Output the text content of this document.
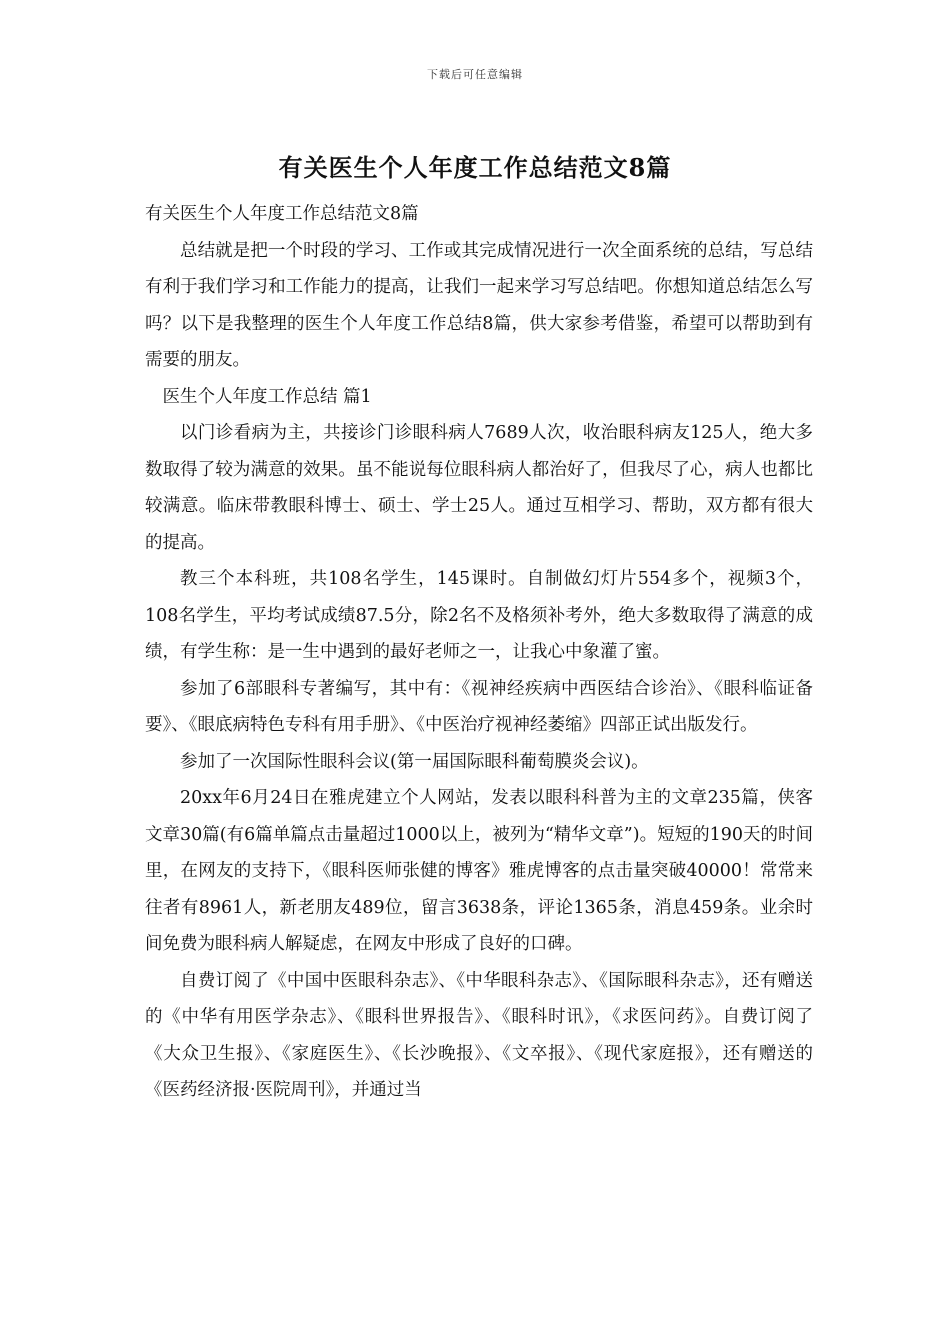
下载后可任意编辑
有关医生个人年度工作总结范文8篇

有关医生个人年度工作总结范文8篇

总结就是把一个时段的学习、工作或其完成情况进行一次全面系统的总结，写总结有利于我们学习和工作能力的提高，让我们一起来学习写总结吧。你想知道总结怎么写吗？以下是我整理的医生个人年度工作总结8篇，供大家参考借鉴，希望可以帮助到有需要的朋友。

医生个人年度工作总结 篇1

以门诊看病为主，共接诊门诊眼科病人7689人次，收治眼科病友125人，绝大多数取得了较为满意的效果。虽不能说每位眼科病人都治好了，但我尽了心，病人也都比较满意。临床带教眼科博士、硕士、学士25人。通过互相学习、帮助，双方都有很大的提高。

教三个本科班，共108名学生，145课时。自制做幻灯片554多个，视频3个，108名学生，平均考试成绩87.5分，除2名不及格须补考外，绝大多数取得了满意的成绩，有学生称：是一生中遇到的最好老师之一，让我心中象灌了蜜。

参加了6部眼科专著编写，其中有：《视神经疾病中西医结合诊治》、《眼科临证备要》、《眼底病特色专科有用手册》、《中医治疗视神经萎缩》四部正试出版发行。

参加了一次国际性眼科会议(第一届国际眼科葡萄膜炎会议)。

20xx年6月24日在雅虎建立个人网站，发表以眼科科普为主的文章235篇，侠客文章30篇(有6篇单篇点击量超过1000以上，被列为“精华文章”)。短短的190天的时间里，在网友的支持下，《眼科医师张健的博客》雅虎博客的点击量突破40000！常常来往者有8961人，新老朋友489位，留言3638条，评论1365条，消息459条。业余时间免费为眼科病人解疑虑，在网友中形成了良好的口碑。

自费订阅了《中国中医眼科杂志》、《中华眼科杂志》、《国际眼科杂志》，还有赠送的《中华有用医学杂志》、《眼科世界报告》、《眼科时讯》，《求医问药》。自费订阅了《大众卫生报》、《家庭医生》、《长沙晚报》、《文卒报》、《现代家庭报》，还有赠送的《医药经济报·医院周刊》，并通过当
